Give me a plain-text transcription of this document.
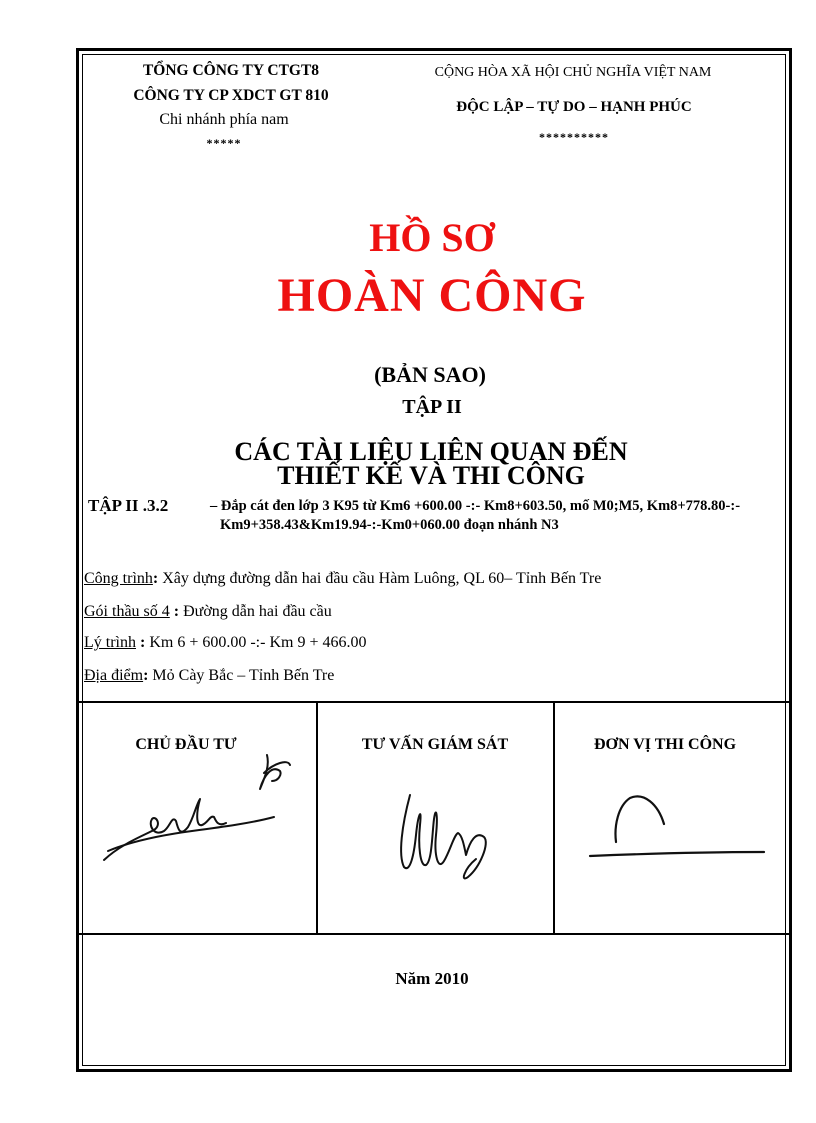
TỔNG CÔNG TY CTGT8
CÔNG TY CP XDCT GT 810
Chi nhánh phía nam
*****
CỘNG HÒA XÃ HỘI CHỦ NGHĨA VIỆT NAM
ĐỘC LẬP – TỰ DO – HẠNH PHÚC
**********
HỒ SƠ
HOÀN CÔNG
(BẢN SAO)
TẬP II
CÁC TÀI LIỆU LIÊN QUAN ĐẾN
THIẾT KẾ VÀ THI CÔNG
TẬP II .3.2	– Đắp cát đen lớp 3 K95 từ Km6 +600.00 -:- Km8+603.50, mố M0;M5, Km8+778.80-:-Km9+358.43&Km19.94-:-Km0+060.00 đoạn nhánh N3
Công trình: Xây dựng đường dẫn hai đầu cầu Hàm Luông, QL 60– Tỉnh Bến Tre
Gói thầu số 4 : Đường dẫn hai đầu cầu
Lý trình : Km 6 + 600.00 -:- Km 9 + 466.00
Địa điểm: Mỏ Cày Bắc – Tỉnh Bến Tre
CHỦ ĐẦU TƯ	TƯ VẤN GIÁM SÁT	ĐƠN VỊ THI CÔNG
Năm 2010
